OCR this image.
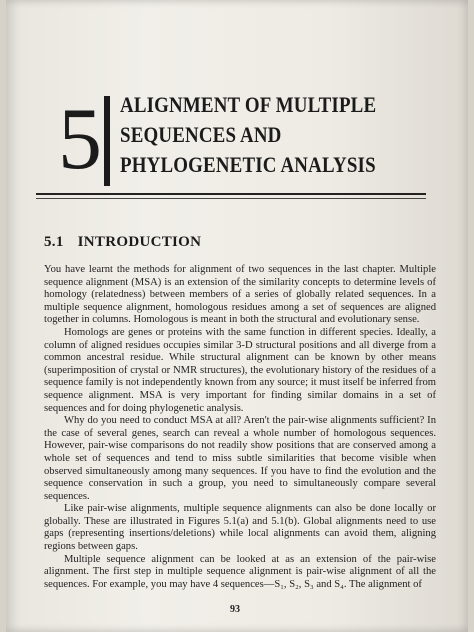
5 ALIGNMENT OF MULTIPLE
SEQUENCES AND
PHYLOGENETIC ANALYSIS
5.1 INTRODUCTION

You have learnt the methods for alignment of two sequences in the last chapter. Multiple sequence alignment (MSA) is an extension of the similarity concepts to determine levels of homology (relatedness) between members of a series of globally related sequences. In a multiple sequence alignment, homologous residues among a set of sequences are aligned together in columns. Homologous is meant in both the structural and evolutionary sense.

Homologs are genes or proteins with the same function in different species. Ideally, a column of aligned residues occupies similar 3-D structural positions and all diverge from a common ancestral residue. While structural alignment can be known by other means (superimposition of crystal or NMR structures), the evolutionary history of the residues of a sequence family is not independently known from any source; it must itself be inferred from sequence alignment. MSA is very important for finding similar domains in a set of sequences and for doing phylogenetic analysis.

Why do you need to conduct MSA at all? Aren't the pair-wise alignments sufficient? In the case of several genes, search can reveal a whole number of homologous sequences. However, pair-wise comparisons do not readily show positions that are conserved among a whole set of sequences and tend to miss subtle similarities that become visible when observed simultaneously among many sequences. If you have to find the evolution and the sequence conservation in such a group, you need to simultaneously compare several sequences.

Like pair-wise alignments, multiple sequence alignments can also be done locally or globally. These are illustrated in Figures 5.1(a) and 5.1(b). Global alignments need to use gaps (representing insertions/deletions) while local alignments can avoid them, aligning regions between gaps.

Multiple sequence alignment can be looked at as an extension of the pair-wise alignment. The first step in multiple sequence alignment is pair-wise alignment of all the sequences. For example, you may have 4 sequences—S₁, S₂, S₃ and S₄. The alignment of

93
